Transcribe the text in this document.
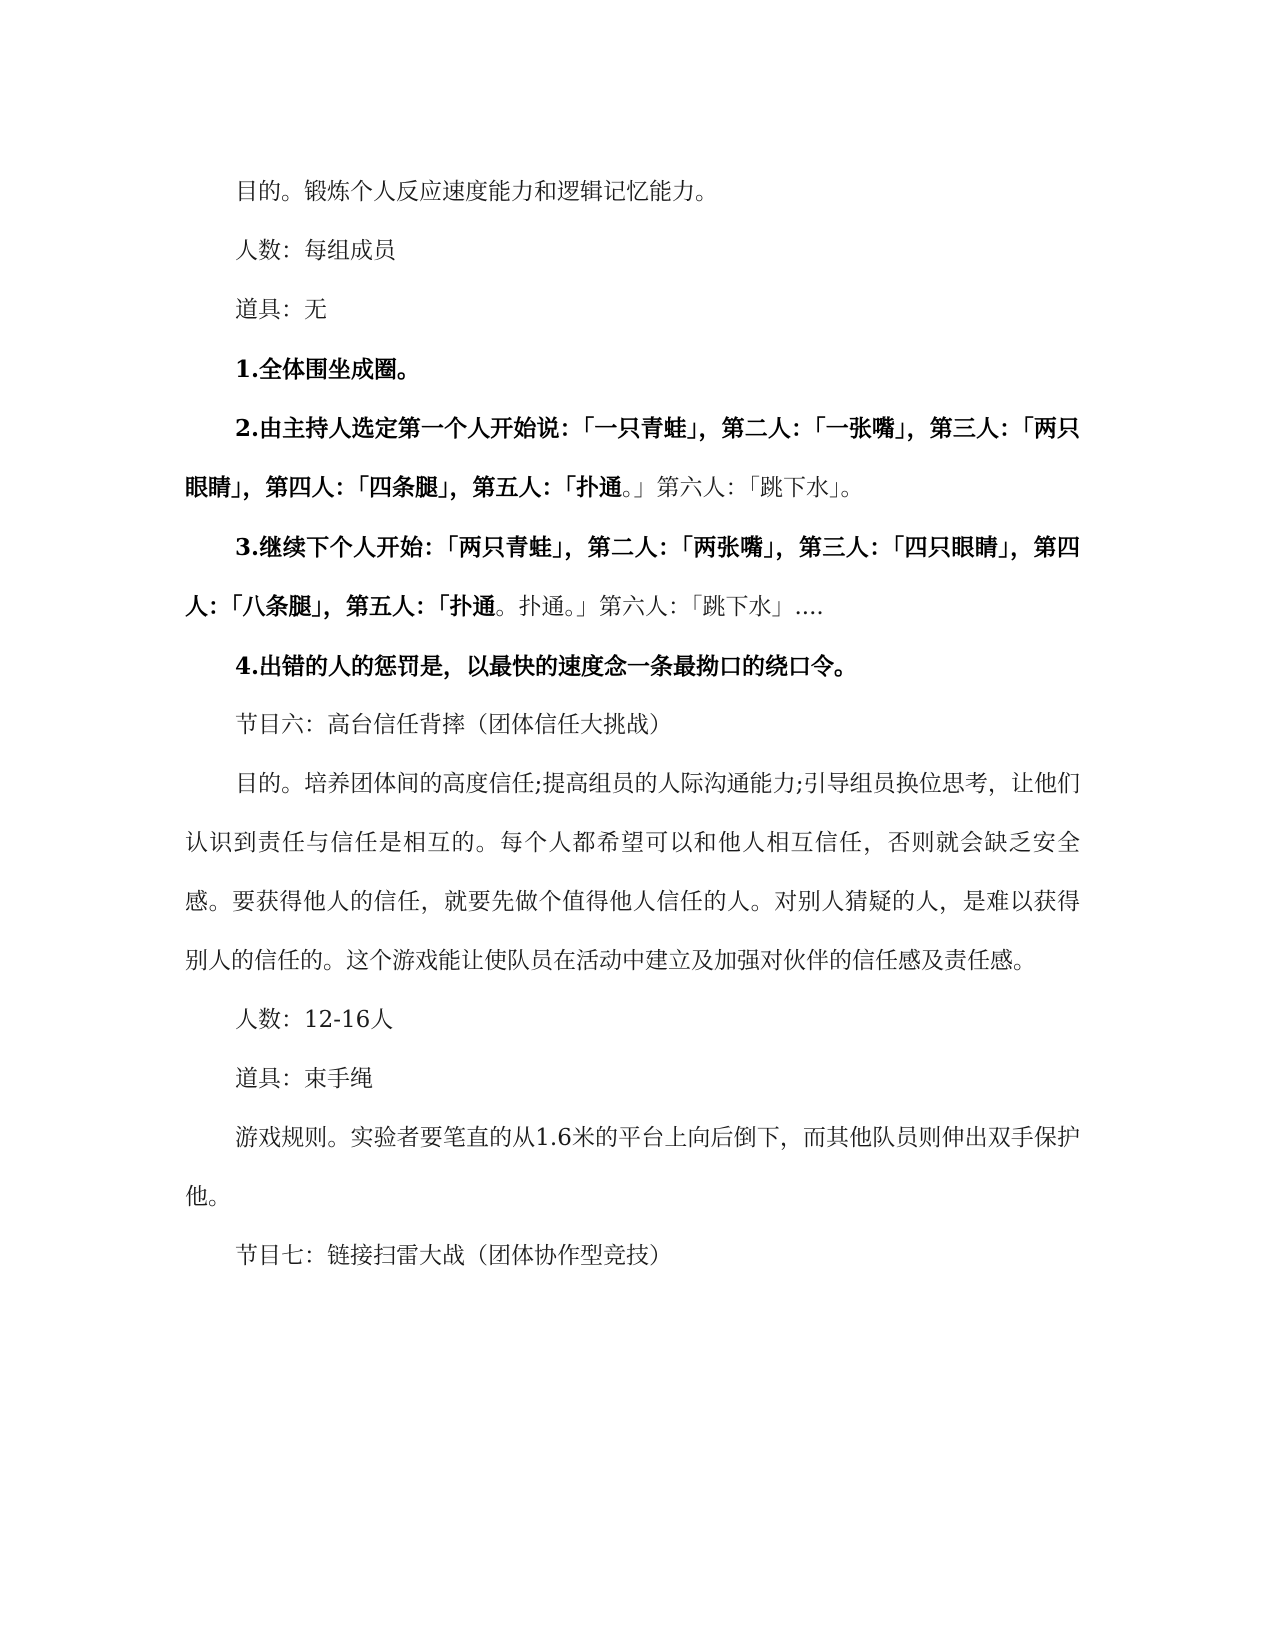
目的。锻炼个人反应速度能力和逻辑记忆能力。

人数：每组成员

道具：无

1.全体围坐成圈。

2.由主持人选定第一个人开始说：「一只青蛙」，第二人：「一张嘴」，第三人：「两只眼睛」，第四人：「四条腿」，第五人：「扑通。」第六人：「跳下水」。

3.继续下个人开始：「两只青蛙」，第二人：「两张嘴」，第三人：「四只眼睛」，第四人：「八条腿」，第五人：「扑通。扑通。」第六人：「跳下水」....

4.出错的人的惩罚是，以最快的速度念一条最拗口的绕口令。

节目六：高台信任背摔（团体信任大挑战）

目的。培养团体间的高度信任;提高组员的人际沟通能力;引导组员换位思考，让他们认识到责任与信任是相互的。每个人都希望可以和他人相互信任，否则就会缺乏安全感。要获得他人的信任，就要先做个值得他人信任的人。对别人猜疑的人，是难以获得别人的信任的。这个游戏能让使队员在活动中建立及加强对伙伴的信任感及责任感。

人数：12-16人

道具：束手绳

游戏规则。实验者要笔直的从1.6米的平台上向后倒下，而其他队员则伸出双手保护他。

节目七：链接扫雷大战（团体协作型竞技）
